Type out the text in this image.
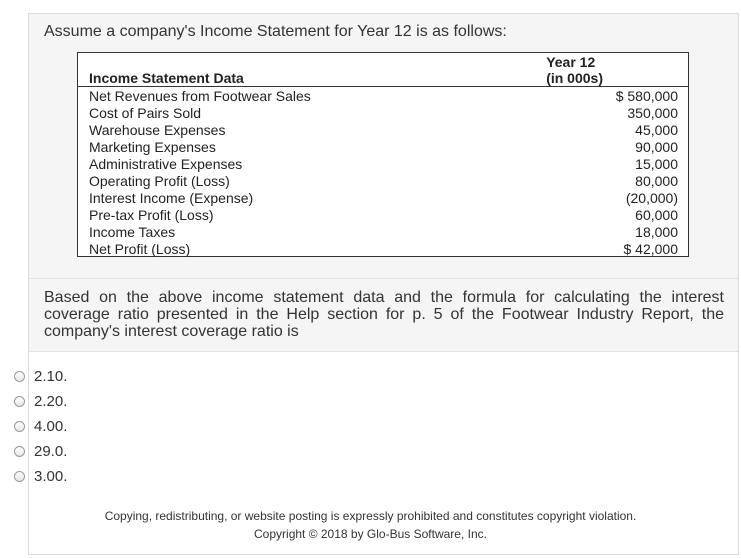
Assume a company's Income Statement for Year 12 is as follows:
Income Statement Data
Year 12
(in 000s)
Net Revenues from Footwear Sales
Cost of Pairs Sold
Warehouse Expenses
Marketing Expenses
Administrative Expenses
Operating Profit (Loss)
Interest Income (Expense)
Pre-tax Profit (Loss)
Income Taxes
Net Profit (Loss)
$ 580,000
350,000
45,000
90,000
15,000
80,000
(20,000)
60,000
18,000
$ 42,000
Based on the above income statement data and the formula for calculating the interest coverage ratio presented in the Help section for p. 5 of the Footwear Industry Report, the company's interest coverage ratio is
2.10.
2.20.
4.00.
29.0.
3.00.
Copying, redistributing, or website posting is expressly prohibited and constitutes copyright violation.
Copyright © 2018 by Glo-Bus Software, Inc.
